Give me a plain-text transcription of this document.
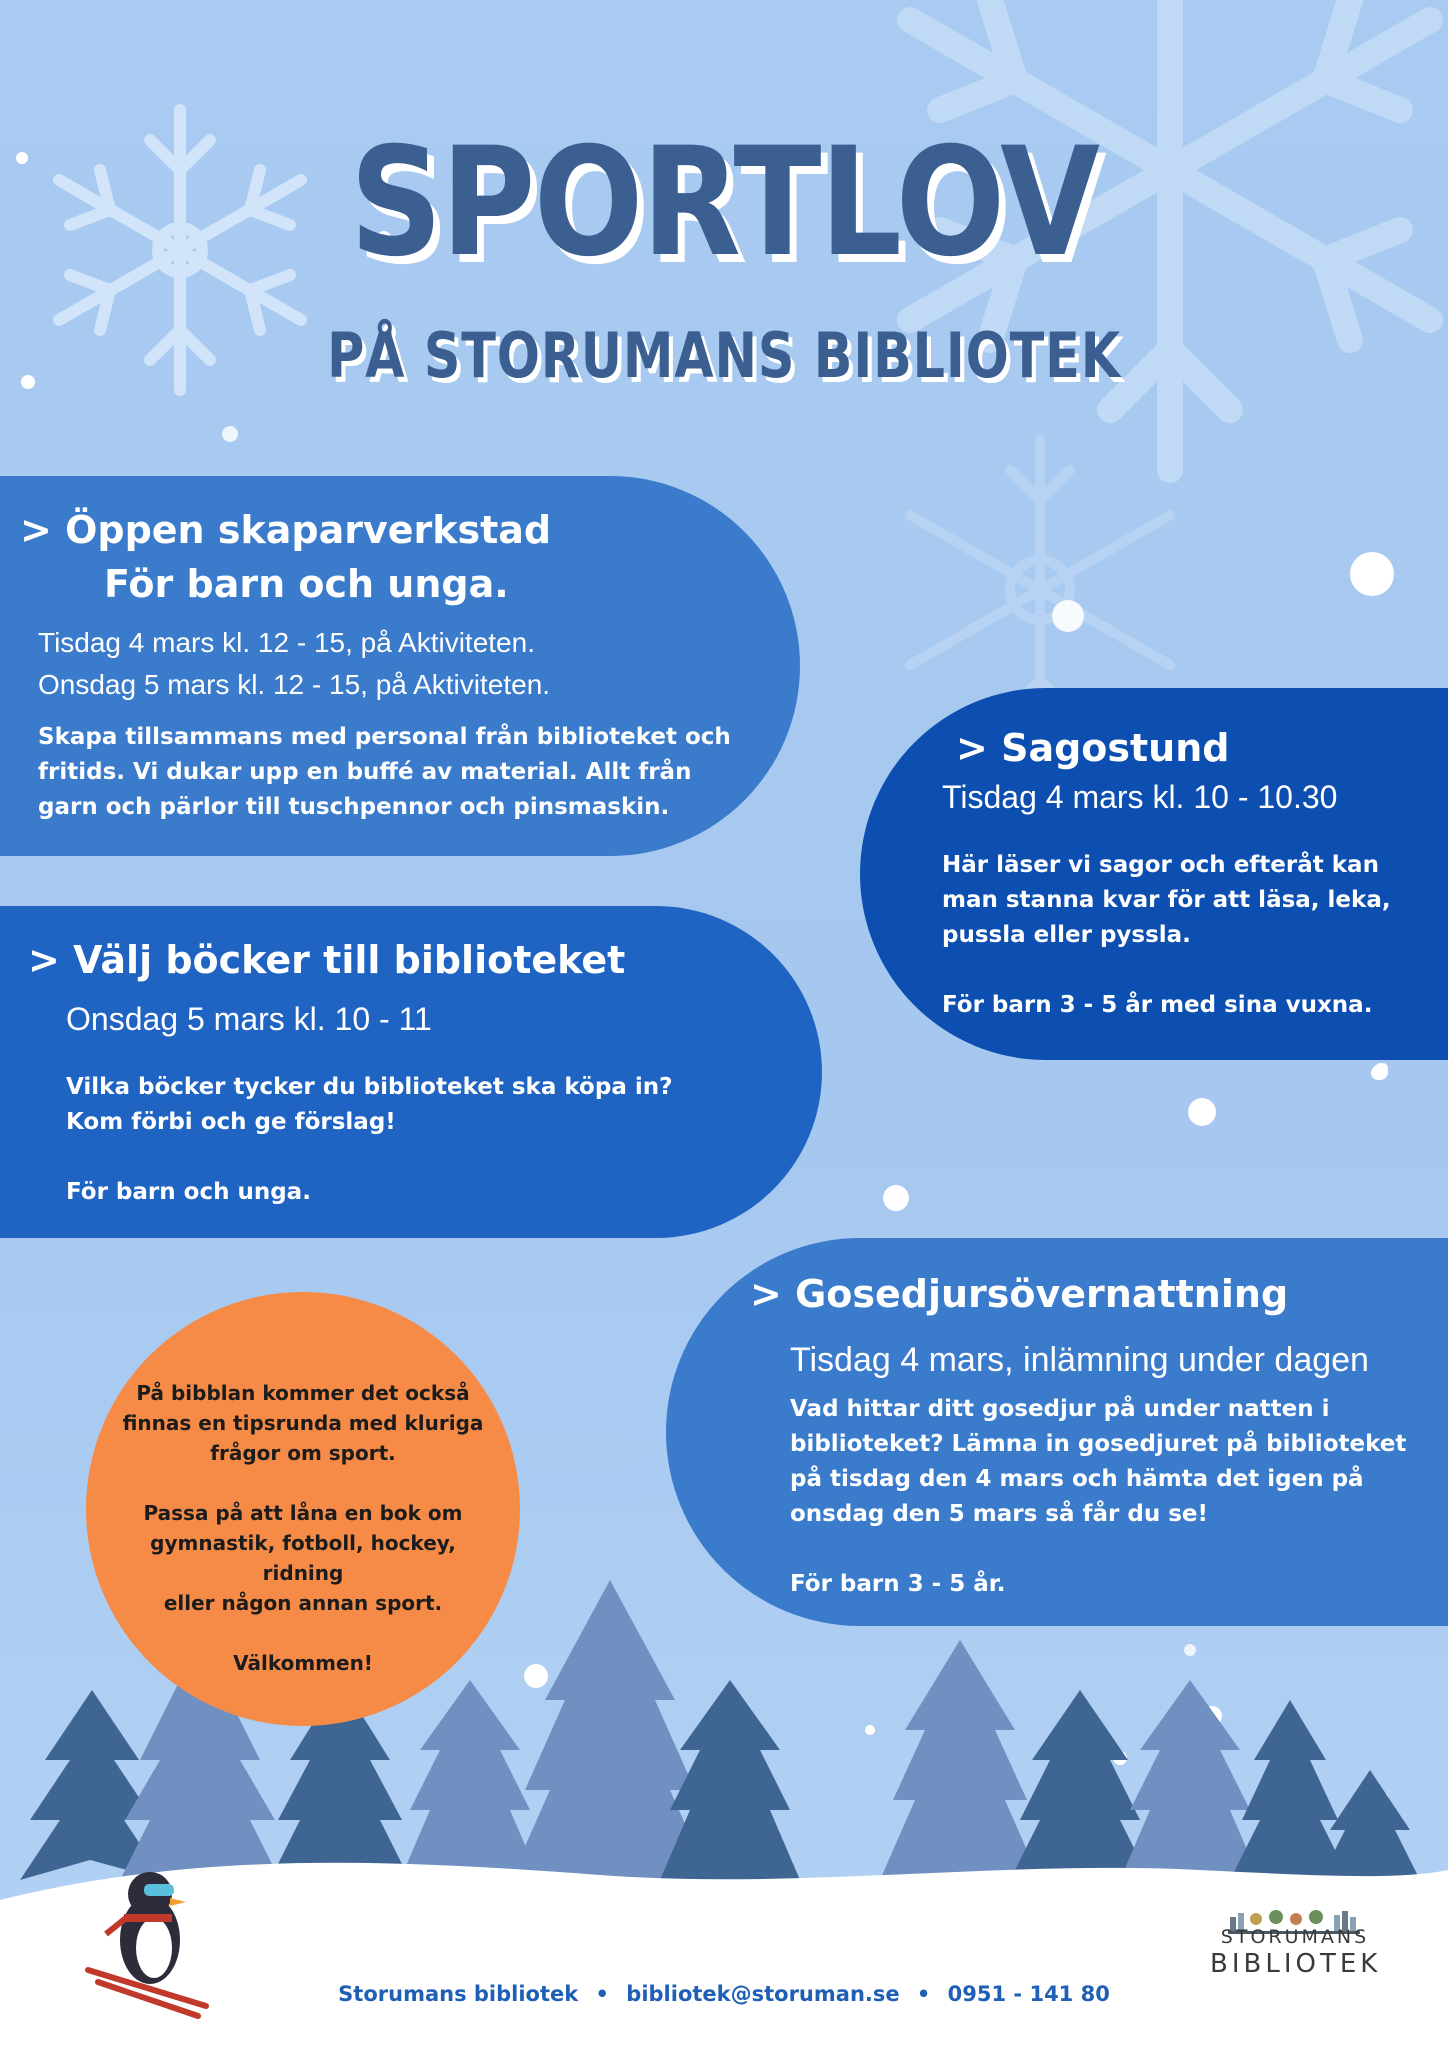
SPORTLOV
PÅ STORUMANS BIBLIOTEK
> Öppen skaparverkstad
För barn och unga.

Tisdag 4 mars kl. 12 - 15, på Aktiviteten.

Onsdag 5 mars kl. 12 - 15, på Aktiviteten.

Skapa tillsammans med personal från biblioteket och
fritids. Vi dukar upp en buffé av material. Allt från
garn och pärlor till tuschpennor och pinsmaskin.

> Sagostund

Tisdag 4 mars kl. 10 - 10.30

Här läser vi sagor och efteråt kan
man stanna kvar för att läsa, leka,
pussla eller pyssla.

För barn 3 - 5 år med sina vuxna.

> Välj böcker till biblioteket

Onsdag 5 mars kl. 10 - 11

Vilka böcker tycker du biblioteket ska köpa in?
Kom förbi och ge förslag!

För barn och unga.

> Gosedjursövernattning

Tisdag 4 mars, inlämning under dagen

Vad hittar ditt gosedjur på under natten i
biblioteket? Lämna in gosedjuret på biblioteket
på tisdag den 4 mars och hämta det igen på
onsdag den 5 mars så får du se!

För barn 3 - 5 år.

På bibblan kommer det också
finnas en tipsrunda med kluriga
frågor om sport.

Passa på att låna en bok om
gymnastik, fotboll, hockey, ridning
eller någon annan sport.

Välkommen!

Storumans bibliotek • bibliotek@storuman.se • 0951 - 141 80
STORUMANS
BIBLIOTEK
